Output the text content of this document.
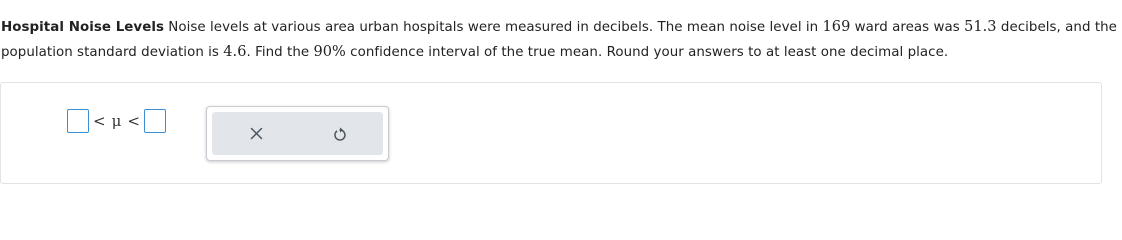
Hospital Noise Levels Noise levels at various area urban hospitals were measured in decibels. The mean noise level in 169 ward areas was 51.3 decibels, and the population standard deviation is 4.6. Find the 90% confidence interval of the true mean. Round your answers to at least one decimal place.
< μ <
